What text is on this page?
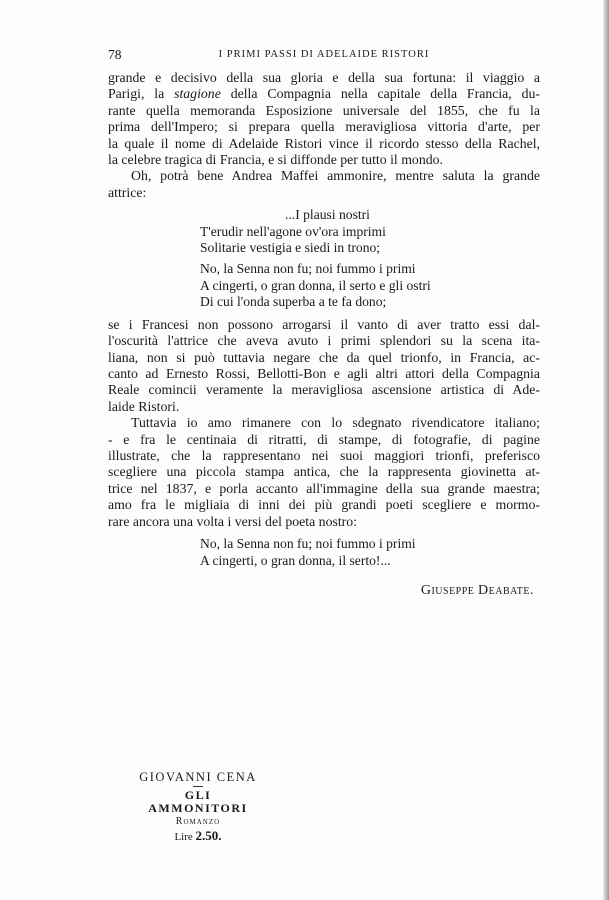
78	I PRIMI PASSI DI ADELAIDE RISTORI

grande e decisivo della sua gloria e della sua fortuna: il viaggio a
Parigi, la stagione della Compagnia nella capitale della Francia, du-
rante quella memoranda Esposizione universale del 1855, che fu la
prima dell'Impero; si prepara quella meravigliosa vittoria d'arte, per
la quale il nome di Adelaide Ristori vince il ricordo stesso della Rachel,
la celebre tragica di Francia, e si diffonde per tutto il mondo.

Oh, potrà bene Andrea Maffei ammonire, mentre saluta la grande
attrice:

...I plausi nostri
T'erudir nell'agone ov'ora imprimi
Solitarie vestigia e siedi in trono;
No, la Senna non fu; noi fummo i primi
A cingerti, o gran donna, il serto e gli ostri
Di cui l'onda superba a te fa dono;

se i Francesi non possono arrogarsi il vanto di aver tratto essi dal-
l'oscurità l'attrice che aveva avuto i primi splendori su la scena ita-
liana, non si può tuttavia negare che da quel trionfo, in Francia, ac-
canto ad Ernesto Rossi, Bellotti-Bon e agli altri attori della Compagnia
Reale comincii veramente la meravigliosa ascensione artistica di Ade-
laide Ristori.

Tuttavia io amo rimanere con lo sdegnato rivendicatore italiano;
- e fra le centinaia di ritratti, di stampe, di fotografie, di pagine
illustrate, che la rappresentano nei suoi maggiori trionfi, preferisco
scegliere una piccola stampa antica, che la rappresenta giovinetta at-
trice nel 1837, e porla accanto all'immagine della sua grande maestra;
amo fra le migliaia di inni dei più grandi poeti scegliere e mormo-
rare ancora una volta i versi del poeta nostro:

No, la Senna non fu; noi fummo i primi
A cingerti, o gran donna, il serto!...
Giuseppe Deabate.
GIOVANNI CENA
GLI AMMONITORI
Romanzo
Lire 2.50.
